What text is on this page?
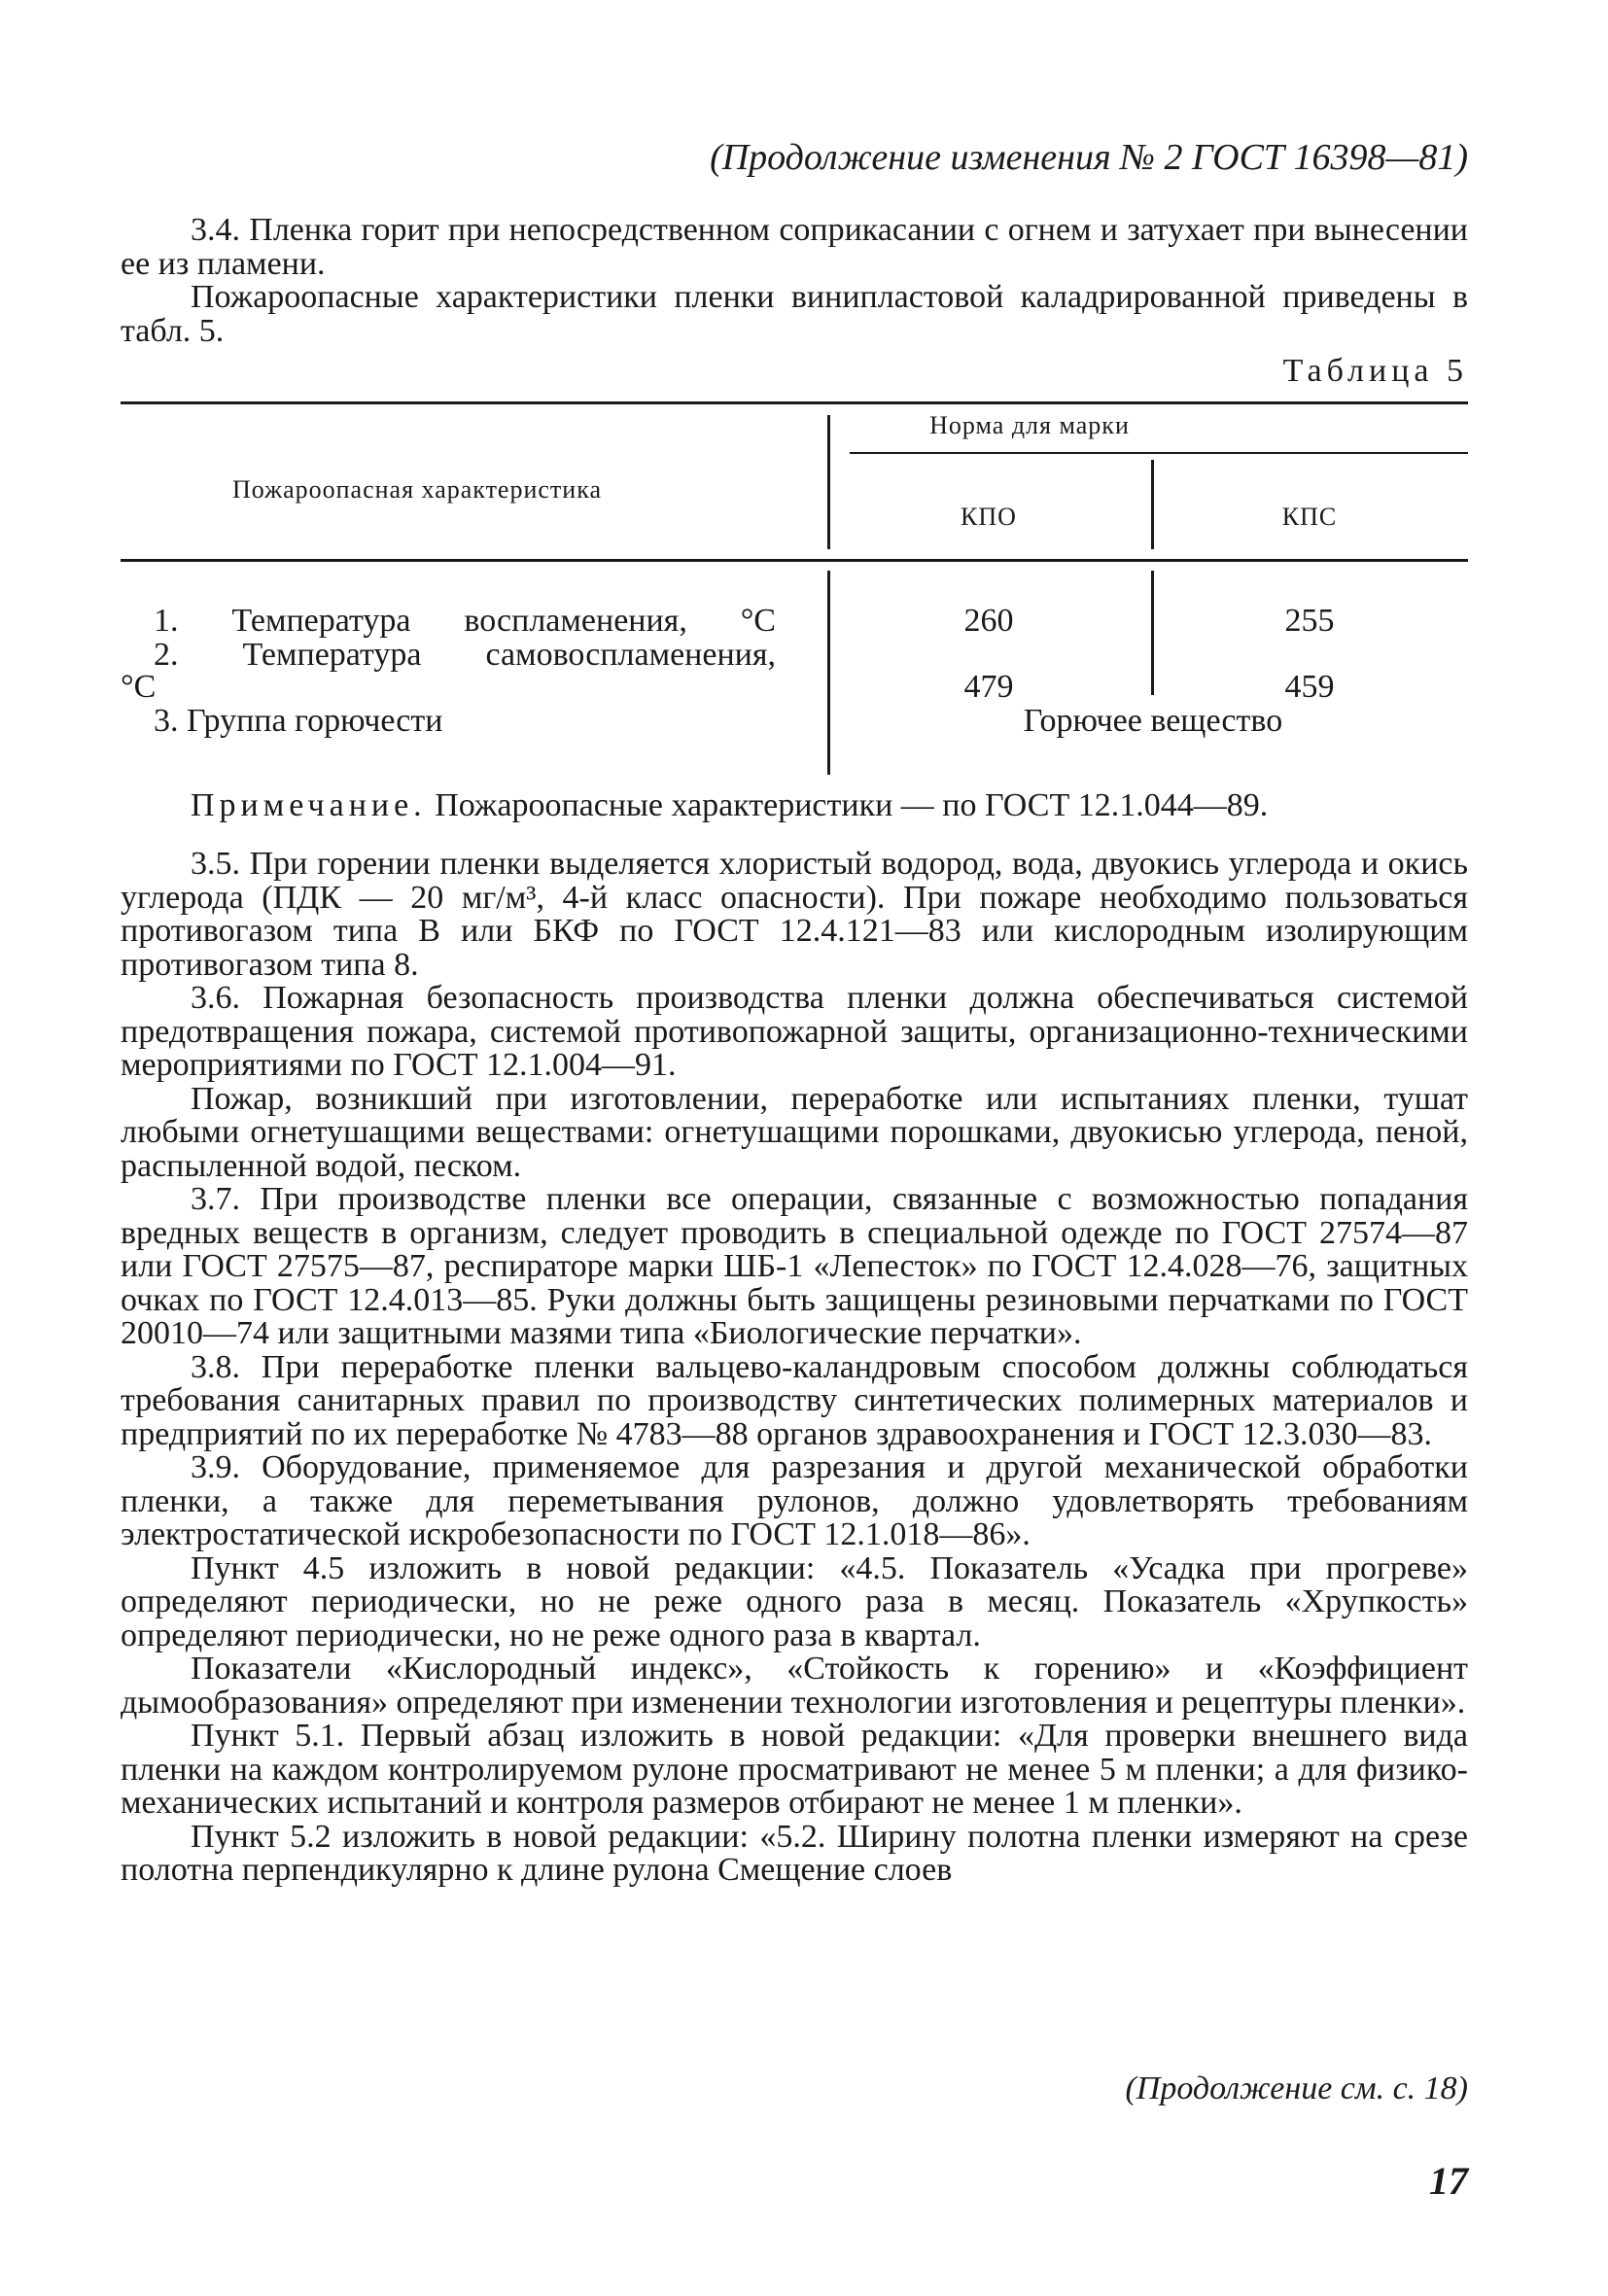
(Продолжение изменения № 2 ГОСТ 16398—81)

3.4. Пленка горит при непосредственном соприкасании с огнем и затухает при вынесении ее из пламени.

Пожароопасные характеристики пленки винипластовой каладрированной приведены в табл. 5.

Таблица 5
Пожароопасная характеристика
Норма для марки
КПО	КПС
1. Температура воспламенения, °С	260	255
2. Температура самовоспламенения,
°С	479	459
3. Группа горючести	Горючее вещество
Примечание. Пожароопасные характеристики — по ГОСТ 12.1.044—89.

3.5. При горении пленки выделяется хлористый водород, вода, двуокись углерода и окись углерода (ПДК — 20 мг/м³, 4-й класс опасности). При пожаре необходимо пользоваться противогазом типа В или БКФ по ГОСТ 12.4.121—83 или кислородным изолирующим противогазом типа 8.

3.6. Пожарная безопасность производства пленки должна обеспечиваться системой предотвращения пожара, системой противопожарной защиты, организационно-техническими мероприятиями по ГОСТ 12.1.004—91.

Пожар, возникший при изготовлении, переработке или испытаниях пленки, тушат любыми огнетушащими веществами: огнетушащими порошками, двуокисью углерода, пеной, распыленной водой, песком.

3.7. При производстве пленки все операции, связанные с возможностью попадания вредных веществ в организм, следует проводить в специальной одежде по ГОСТ 27574—87 или ГОСТ 27575—87, респираторе марки ШБ-1 «Лепесток» по ГОСТ 12.4.028—76, защитных очках по ГОСТ 12.4.013—85. Руки должны быть защищены резиновыми перчатками по ГОСТ 20010—74 или защитными мазями типа «Биологические перчатки».

3.8. При переработке пленки вальцево-каландровым способом должны соблюдаться требования санитарных правил по производству синтетических полимерных материалов и предприятий по их переработке № 4783—88 органов здравоохранения и ГОСТ 12.3.030—83.

3.9. Оборудование, применяемое для разрезания и другой механической обработки пленки, а также для переметывания рулонов, должно удовлетворять требованиям электростатической искробезопасности по ГОСТ 12.1.018—86».

Пункт 4.5 изложить в новой редакции: «4.5. Показатель «Усадка при прогреве» определяют периодически, но не реже одного раза в месяц. Показатель «Хрупкость» определяют периодически, но не реже одного раза в квартал.

Показатели «Кислородный индекс», «Стойкость к горению» и «Коэффициент дымообразования» определяют при изменении технологии изготовления и рецептуры пленки».

Пункт 5.1. Первый абзац изложить в новой редакции: «Для проверки внешнего вида пленки на каждом контролируемом рулоне просматривают не менее 5 м пленки; а для физико-механических испытаний и контроля размеров отбирают не менее 1 м пленки».

Пункт 5.2 изложить в новой редакции: «5.2. Ширину полотна пленки измеряют на срезе полотна перпендикулярно к длине рулона Смещение слоев

(Продолжение см. с. 18)
17
